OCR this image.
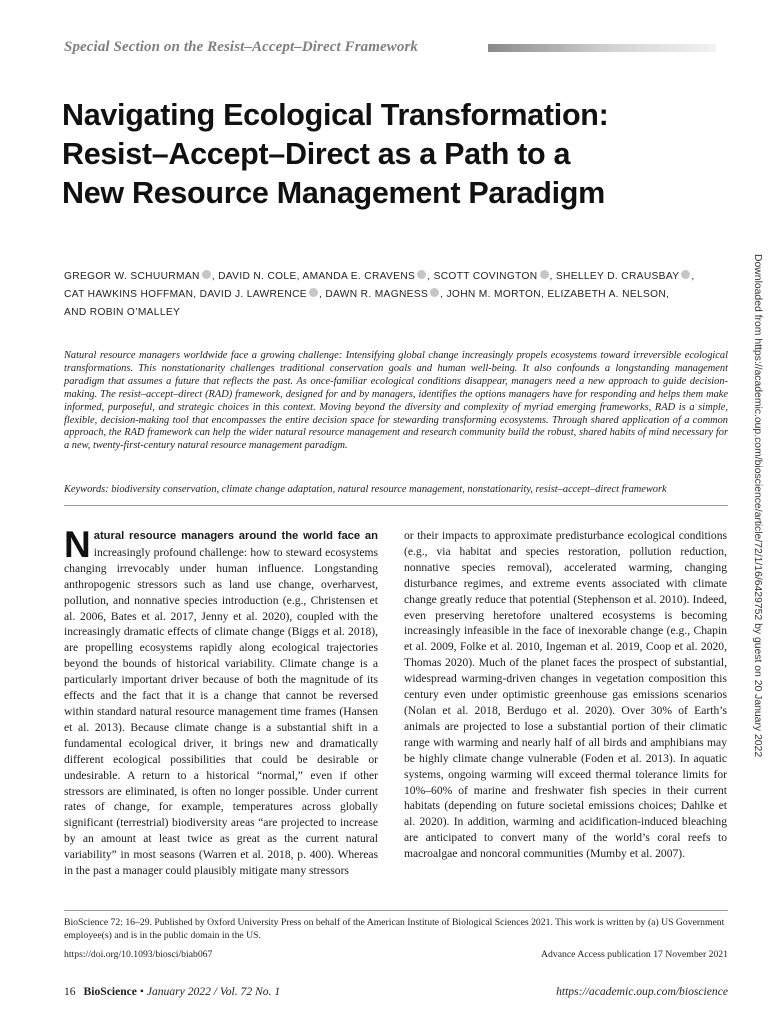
Special Section on the Resist–Accept–Direct Framework
Navigating Ecological Transformation:
Resist–Accept–Direct as a Path to a
New Resource Management Paradigm
GREGOR W. SCHUURMAN , DAVID N. COLE, AMANDA E. CRAVENS , SCOTT COVINGTON , SHELLEY D. CRAUSBAY ,
CAT HAWKINS HOFFMAN, DAVID J. LAWRENCE , DAWN R. MAGNESS , JOHN M. MORTON, ELIZABETH A. NELSON,
AND ROBIN O’MALLEY

Natural resource managers worldwide face a growing challenge: Intensifying global change increasingly propels ecosystems toward irreversible ecological transformations. This nonstationarity challenges traditional conservation goals and human well-being. It also confounds a longstanding management paradigm that assumes a future that reflects the past. As once-familiar ecological conditions disappear, managers need a new approach to guide decision-making. The resist–accept–direct (RAD) framework, designed for and by managers, identifies the options managers have for responding and helps them make informed, purposeful, and strategic choices in this context. Moving beyond the diversity and complexity of myriad emerging frameworks, RAD is a simple, flexible, decision-making tool that encompasses the entire decision space for stewarding transforming ecosystems. Through shared application of a common approach, the RAD framework can help the wider natural resource management and research community build the robust, shared habits of mind necessary for a new, twenty-first-century natural resource management paradigm.

Keywords: biodiversity conservation, climate change adaptation, natural resource management, nonstationarity, resist–accept–direct framework
Natural resource managers around the world face an increasingly profound challenge: how to steward ecosystems changing irrevocably under human influence. Longstanding anthropogenic stressors such as land use change, overharvest, pollution, and nonnative species introduction (e.g., Christensen et al. 2006, Bates et al. 2017, Jenny et al. 2020), coupled with the increasingly dramatic effects of climate change (Biggs et al. 2018), are propelling ecosystems rapidly along ecological trajectories beyond the bounds of historical variability. Climate change is a particularly important driver because of both the magnitude of its effects and the fact that it is a change that cannot be reversed within standard natural resource management time frames (Hansen et al. 2013). Because climate change is a substantial shift in a fundamental ecological driver, it brings new and dramatically different ecological possibilities that could be desirable or undesirable. A return to a historical “normal,” even if other stressors are eliminated, is often no longer possible. Under current rates of change, for example, temperatures across globally significant (terrestrial) biodiversity areas “are projected to increase by an amount at least twice as great as the current natural variability” in most seasons (Warren et al. 2018, p. 400). Whereas in the past a manager could plausibly mitigate many stressors
or their impacts to approximate predisturbance ecological conditions (e.g., via habitat and species restoration, pollution reduction, nonnative species removal), accelerated warming, changing disturbance regimes, and extreme events associated with climate change greatly reduce that potential (Stephenson et al. 2010). Indeed, even preserving heretofore unaltered ecosystems is becoming increasingly infeasible in the face of inexorable change (e.g., Chapin et al. 2009, Folke et al. 2010, Ingeman et al. 2019, Coop et al. 2020, Thomas 2020). Much of the planet faces the prospect of substantial, widespread warming-driven changes in vegetation composition this century even under optimistic greenhouse gas emissions scenarios (Nolan et al. 2018, Berdugo et al. 2020). Over 30% of Earth’s animals are projected to lose a substantial portion of their climatic range with warming and nearly half of all birds and amphibians may be highly climate change vulnerable (Foden et al. 2013). In aquatic systems, ongoing warming will exceed thermal tolerance limits for 10%–60% of marine and freshwater fish species in their current habitats (depending on future societal emissions choices; Dahlke et al. 2020). In addition, warming and acidification-induced bleaching are anticipated to convert many of the world’s coral reefs to macroalgae and noncoral communities (Mumby et al. 2007).
BioScience 72: 16–29. Published by Oxford University Press on behalf of the American Institute of Biological Sciences 2021. This work is written by (a) US Government employee(s) and is in the public domain in the US.
https://doi.org/10.1093/biosci/biab067	Advance Access publication 17 November 2021
16 BioScience • January 2022 / Vol. 72 No. 1	https://academic.oup.com/bioscience
Downloaded from https://academic.oup.com/bioscience/article/72/1/16/6429752 by guest on 20 January 2022
